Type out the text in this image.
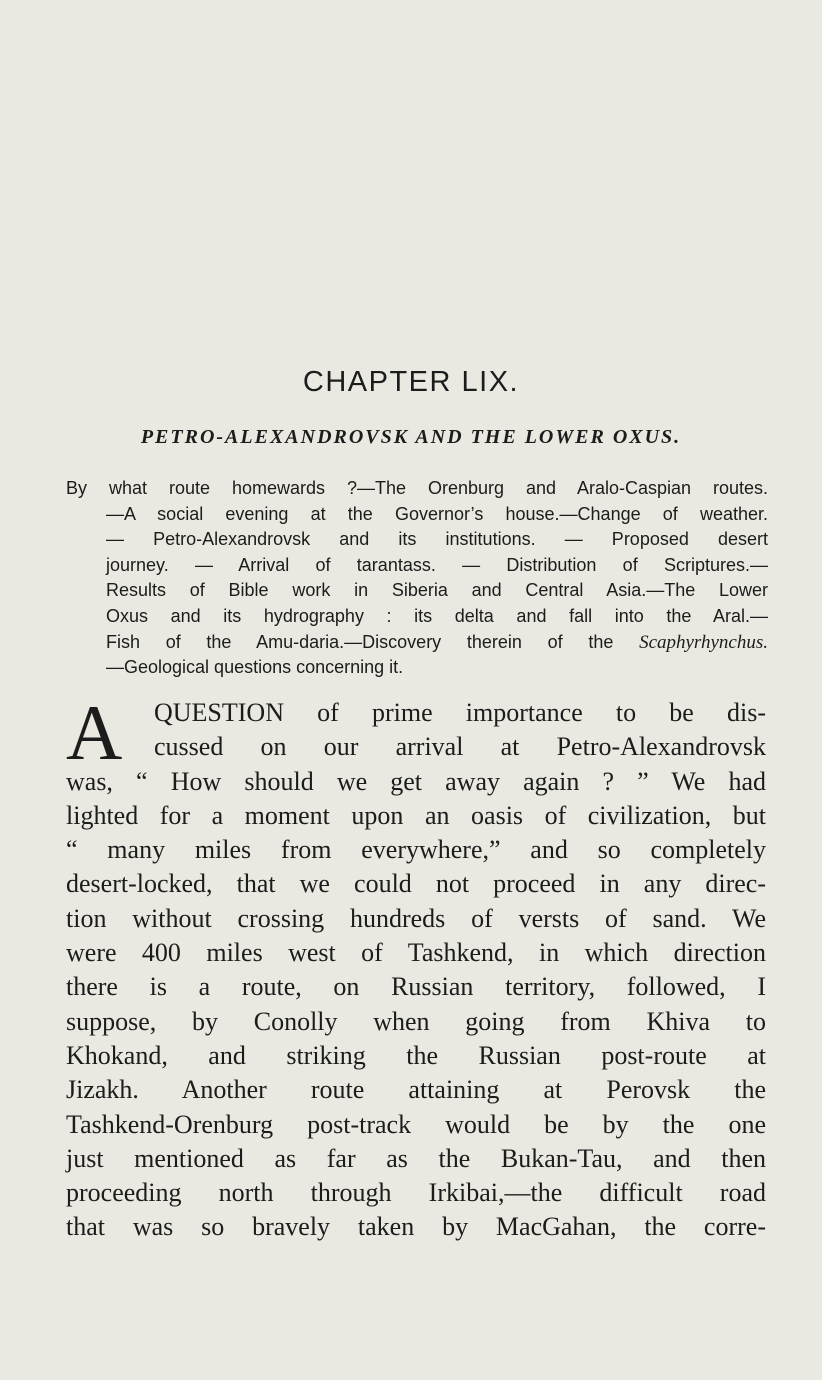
CHAPTER LIX.
PETRO-ALEXANDROVSK AND THE LOWER OXUS.
By what route homewards ?—The Orenburg and Aralo-Caspian routes.
—A social evening at the Governor’s house.—Change of weather.
— Petro-Alexandrovsk and its institutions. — Proposed desert
journey. — Arrival of tarantass. — Distribution of Scriptures.—
Results of Bible work in Siberia and Central Asia.—The Lower
Oxus and its hydrography : its delta and fall into the Aral.—
Fish of the Amu-daria.—Discovery therein of the Scaphyrhynchus.
—Geological questions concerning it.
A	QUESTION of prime importance to be dis-
cussed on our arrival at Petro-Alexandrovsk
was, “ How should we get away again ? ” We had
lighted for a moment upon an oasis of civilization, but
“ many miles from everywhere,” and so completely
desert-locked, that we could not proceed in any direc-
tion without crossing hundreds of versts of sand. We
were 400 miles west of Tashkend, in which direction
there is a route, on Russian territory, followed, I
suppose, by Conolly when going from Khiva to
Khokand, and striking the Russian post-route at
Jizakh. Another route attaining at Perovsk the
Tashkend-Orenburg post-track would be by the one
just mentioned as far as the Bukan-Tau, and then
proceeding north through Irkibai,—the difficult road
that was so bravely taken by MacGahan, the corre-
